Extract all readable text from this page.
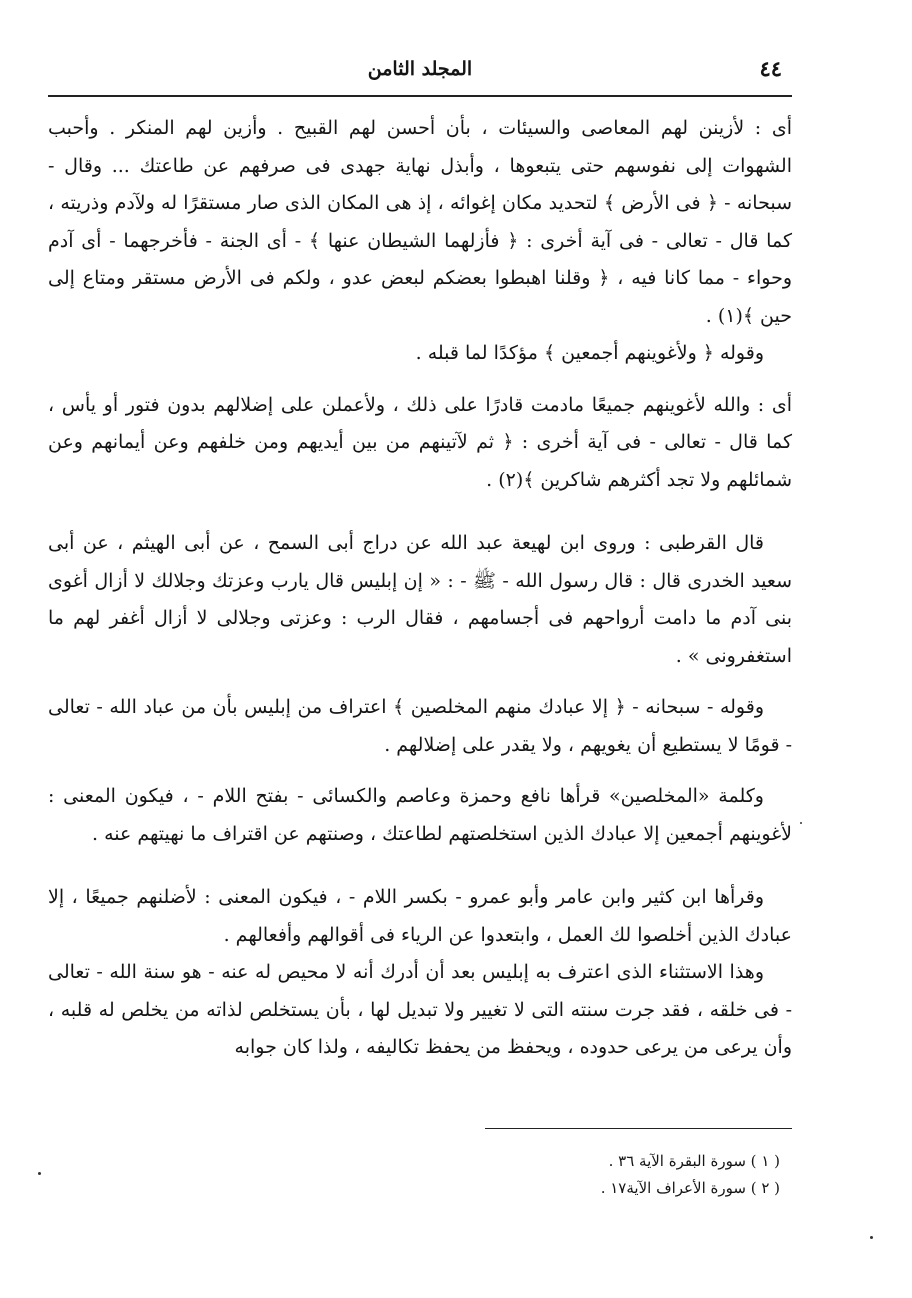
المجلد الثامن	٤٤

أى : لأزينن لهم المعاصى والسيئات ، بأن أحسن لهم القبيح . وأزين لهم المنكر . وأحبب الشهوات إلى نفوسهم حتى يتبعوها ، وأبذل نهاية جهدى فى صرفهم عن طاعتك ... وقال - سبحانه - ﴿ فى الأرض ﴾ لتحديد مكان إغوائه ، إذ هى المكان الذى صار مستقرًا له ولآدم وذريته ، كما قال - تعالى - فى آية أخرى : ﴿ فأزلهما الشيطان عنها ﴾ - أى الجنة - فأخرجهما - أى آدم وحواء - مما كانا فيه ، ﴿ وقلنا اهبطوا بعضكم لبعض عدو ، ولكم فى الأرض مستقر ومتاع إلى حين ﴾(١) .

وقوله ﴿ ولأغوينهم أجمعين ﴾ مؤكدًا لما قبله .

أى : والله لأغوينهم جميعًا مادمت قادرًا على ذلك ، ولأعملن على إضلالهم بدون فتور أو يأس ، كما قال - تعالى - فى آية أخرى : ﴿ ثم لآتينهم من بين أيديهم ومن خلفهم وعن أيمانهم وعن شمائلهم ولا تجد أكثرهم شاكرين ﴾(٢) .

قال القرطبى : وروى ابن لهيعة عبد الله عن دراج أبى السمح ، عن أبى الهيثم ، عن أبى سعيد الخدرى قال : قال رسول الله - ﷺ - : « إن إبليس قال يارب وعزتك وجلالك لا أزال أغوى بنى آدم ما دامت أرواحهم فى أجسامهم ، فقال الرب : وعزتى وجلالى لا أزال أغفر لهم ما استغفرونى » .

وقوله - سبحانه - ﴿ إلا عبادك منهم المخلصين ﴾ اعتراف من إبليس بأن من عباد الله - تعالى - قومًا لا يستطيع أن يغويهم ، ولا يقدر على إضلالهم .

وكلمة «المخلصين» قرأها نافع وحمزة وعاصم والكسائى - بفتح اللام - ، فيكون المعنى : لأغوينهم أجمعين إلا عبادك الذين استخلصتهم لطاعتك ، وصنتهم عن اقتراف ما نهيتهم عنه .

وقرأها ابن كثير وابن عامر وأبو عمرو - بكسر اللام - ، فيكون المعنى : لأضلنهم جميعًا ، إلا عبادك الذين أخلصوا لك العمل ، وابتعدوا عن الرياء فى أقوالهم وأفعالهم .

وهذا الاستثناء الذى اعترف به إبليس بعد أن أدرك أنه لا محيص له عنه - هو سنة الله - تعالى - فى خلقه ، فقد جرت سنته التى لا تغيير ولا تبديل لها ، بأن يستخلص لذاته من يخلص له قلبه ، وأن يرعى من يرعى حدوده ، ويحفظ من يحفظ تكاليفه ، ولذا كان جوابه

( ١ ) سورة البقرة الآية ٣٦ .

( ٢ ) سورة الأعراف الآية١٧ .
